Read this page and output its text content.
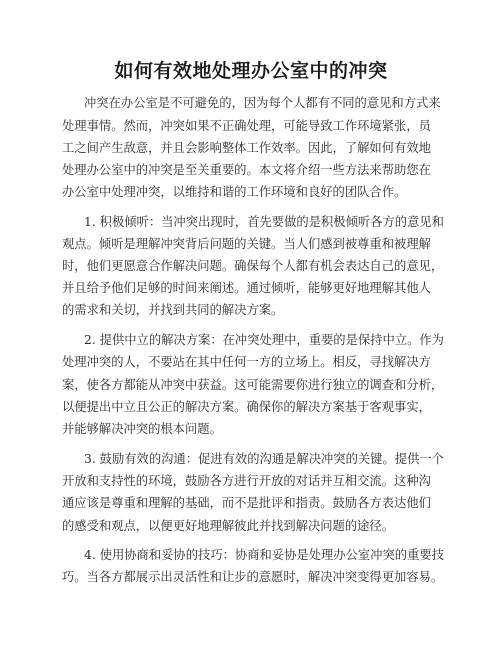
如何有效地处理办公室中的冲突
冲突在办公室是不可避免的，因为每个人都有不同的意见和方式来
处理事情。然而，冲突如果不正确处理，可能导致工作环境紧张，员
工之间产生敌意，并且会影响整体工作效率。因此，了解如何有效地
处理办公室中的冲突是至关重要的。本文将介绍一些方法来帮助您在
办公室中处理冲突，以维持和谐的工作环境和良好的团队合作。
1. 积极倾听：当冲突出现时，首先要做的是积极倾听各方的意见和
观点。倾听是理解冲突背后问题的关键。当人们感到被尊重和被理解
时，他们更愿意合作解决问题。确保每个人都有机会表达自己的意见，
并且给予他们足够的时间来阐述。通过倾听，能够更好地理解其他人
的需求和关切，并找到共同的解决方案。
2. 提供中立的解决方案：在冲突处理中，重要的是保持中立。作为
处理冲突的人，不要站在其中任何一方的立场上。相反，寻找解决方
案，使各方都能从冲突中获益。这可能需要你进行独立的调查和分析，
以便提出中立且公正的解决方案。确保你的解决方案基于客观事实，
并能够解决冲突的根本问题。
3. 鼓励有效的沟通：促进有效的沟通是解决冲突的关键。提供一个
开放和支持性的环境，鼓励各方进行开放的对话并互相交流。这种沟
通应该是尊重和理解的基础，而不是批评和指责。鼓励各方表达他们
的感受和观点，以便更好地理解彼此并找到解决问题的途径。
4. 使用协商和妥协的技巧：协商和妥协是处理办公室冲突的重要技
巧。当各方都展示出灵活性和让步的意愿时，解决冲突变得更加容易。
